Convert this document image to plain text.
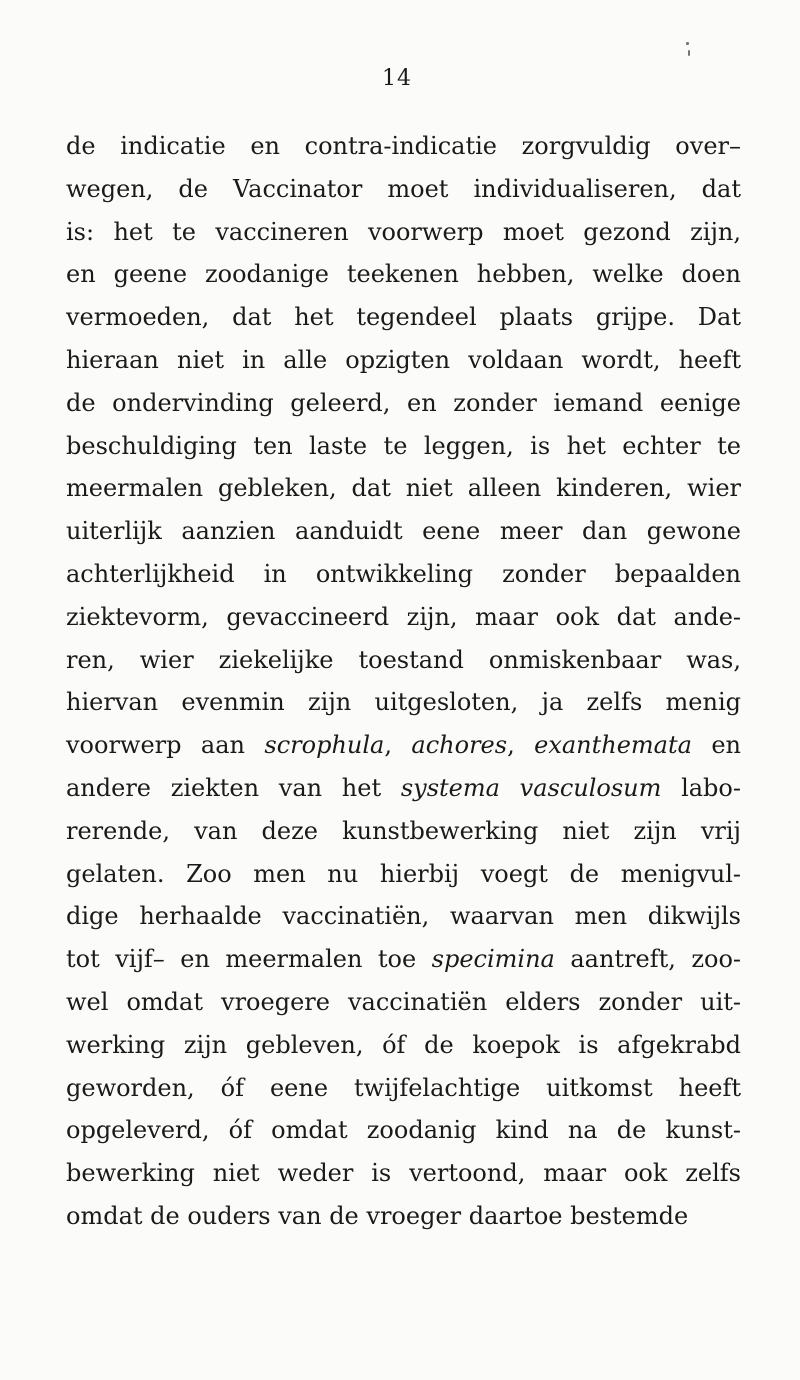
14
de indicatie en contra-indicatie zorgvuldig over–
wegen, de Vaccinator moet individualiseren, dat
is: het te vaccineren voorwerp moet gezond zijn,
en geene zoodanige teekenen hebben, welke doen
vermoeden, dat het tegendeel plaats grijpe. Dat
hieraan niet in alle opzigten voldaan wordt, heeft
de ondervinding geleerd, en zonder iemand eenige
beschuldiging ten laste te leggen, is het echter te
meermalen gebleken, dat niet alleen kinderen, wier
uiterlijk aanzien aanduidt eene meer dan gewone
achterlijkheid in ontwikkeling zonder bepaalden
ziektevorm, gevaccineerd zijn, maar ook dat ande-
ren, wier ziekelijke toestand onmiskenbaar was,
hiervan evenmin zijn uitgesloten, ja zelfs menig
voorwerp aan scrophula, achores, exanthemata en
andere ziekten van het systema vasculosum labo-
rerende, van deze kunstbewerking niet zijn vrij
gelaten. Zoo men nu hierbij voegt de menigvul-
dige herhaalde vaccinatiën, waarvan men dikwijls
tot vijf– en meermalen toe specimina aantreft, zoo-
wel omdat vroegere vaccinatiën elders zonder uit-
werking zijn gebleven, óf de koepok is afgekrabd
geworden, óf eene twijfelachtige uitkomst heeft
opgeleverd, óf omdat zoodanig kind na de kunst-
bewerking niet weder is vertoond, maar ook zelfs
omdat de ouders van de vroeger daartoe bestemde
